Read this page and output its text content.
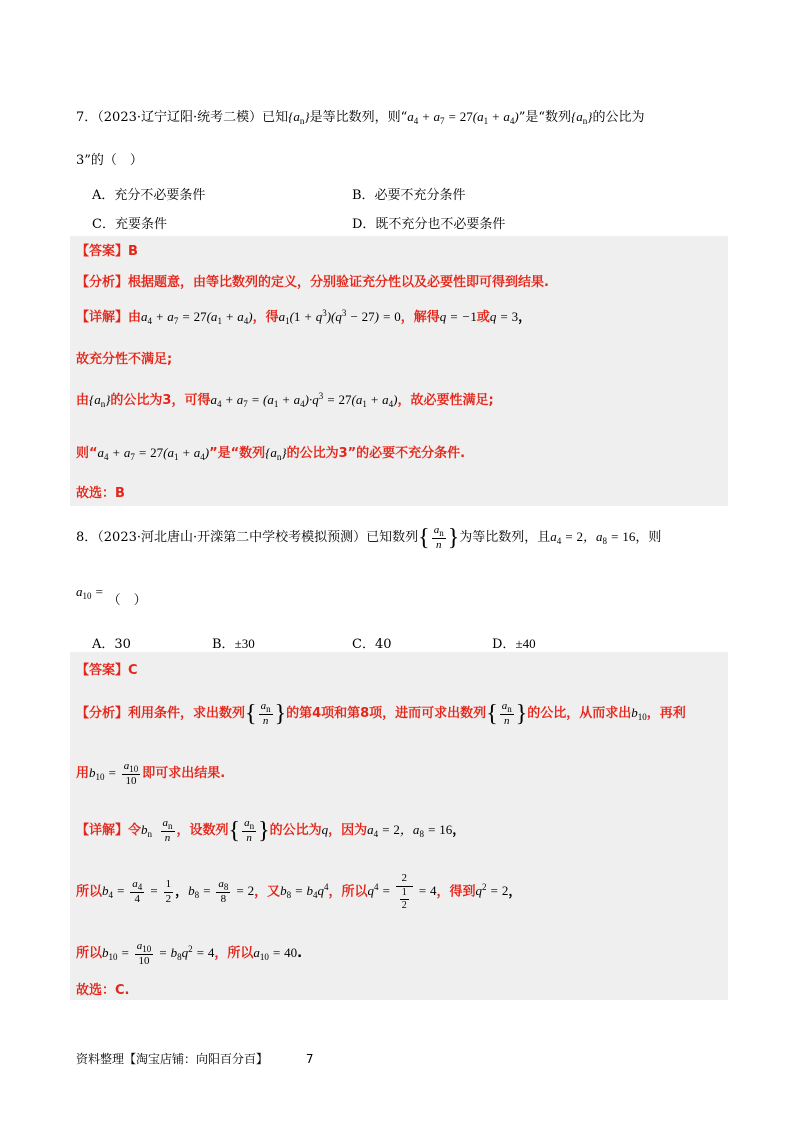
7．（2023·辽宁辽阳·统考二模）已知$\{a_n\}$是等比数列，则“$a_4 + a_7 = 27(a_1 + a_4)$”是“数列$\{a_n\}$的公比为
3”的（　）
A．充分不必要条件	B．必要不充分条件
C．充要条件	D．既不充分也不必要条件
【答案】B
【分析】根据题意，由等比数列的定义，分别验证充分性以及必要性即可得到结果.
【详解】由$a_4 + a_7 = 27(a_1 + a_4)$，得$a_1(1 + q^3)(q^3 - 27) = 0$，解得q = −1或q = 3，
故充分性不满足;
由$\{a_n\}$的公比为3，可得$a_4 + a_7 = (a_1 + a_4)\cdot q^3 = 27(a_1 + a_4)$，故必要性满足;
则“$a_4 + a_7 = 27(a_1 + a_4)$”是“数列$\{a_n\}$的公比为3”的必要不充分条件.
故选：B
8．（2023·河北唐山·开滦第二中学校考模拟预测）已知数列{ $\frac{a_n}{n}$ }为等比数列，且$a_4 = 2$，$a_8 = 16$，则
$a_{10}$ = （　）
A．30	B．±30	C．40	D．±40
【答案】C
【分析】利用条件，求出数列{ $\frac{a_n}{n}$ }的第4项和第8项，进而可求出数列{ $\frac{a_n}{n}$ }的公比，从而求出$b_{10}$，再利
用$b_{10} = \frac{a_{10}}{10}$ 即可求出结果.
【详解】令$b_n \frac{a_n}{n}$ ，设数列{ $\frac{a_n}{n}$ }的公比为q，因为$a_4 = 2$，$a_8 = 16$，
所以$b_4 = \frac{a_4}{4} = \frac{1}{2}$ ，$b_8 = \frac{a_8}{8} = 2$，又$b_8 = b_4q^4$，所以$q^4 = \frac{2}{\frac{1}{2}} = 4$，得到$q^2 = 2$，
所以$b_{10} = \frac{a_{10}}{10} = b_8q^2 = 4$，所以$a_{10} = 40$.
故选：C.
资料整理【淘宝店铺：向阳百分百】	7
